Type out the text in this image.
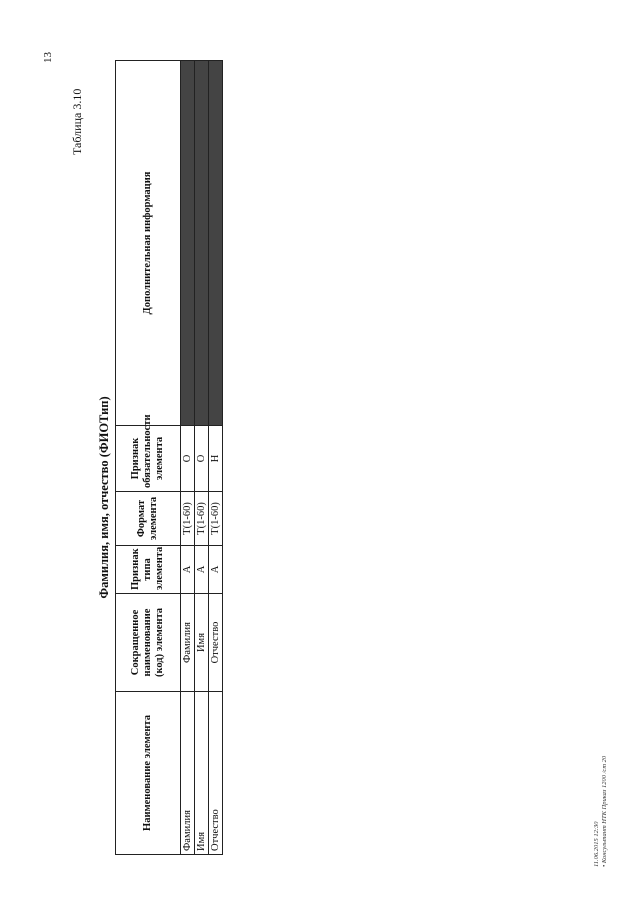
13
Таблица 3.10
Фамилия, имя, отчество (ФИОТип)
Наименование элемента	Сокращенное наименование (код) элемента	Признак типа элемента	Формат элемента	Признак обязательности элемента	Дополнительная информация
Фамилия	Фамилия	А	T(1-60)	О	
Имя	Имя	А	T(1-60)	О	
Отчество	Отчество	А	T(1-60)	Н	
11.06.2015 12:30 • Консультант НТК Приказ 1200 /ст 20
